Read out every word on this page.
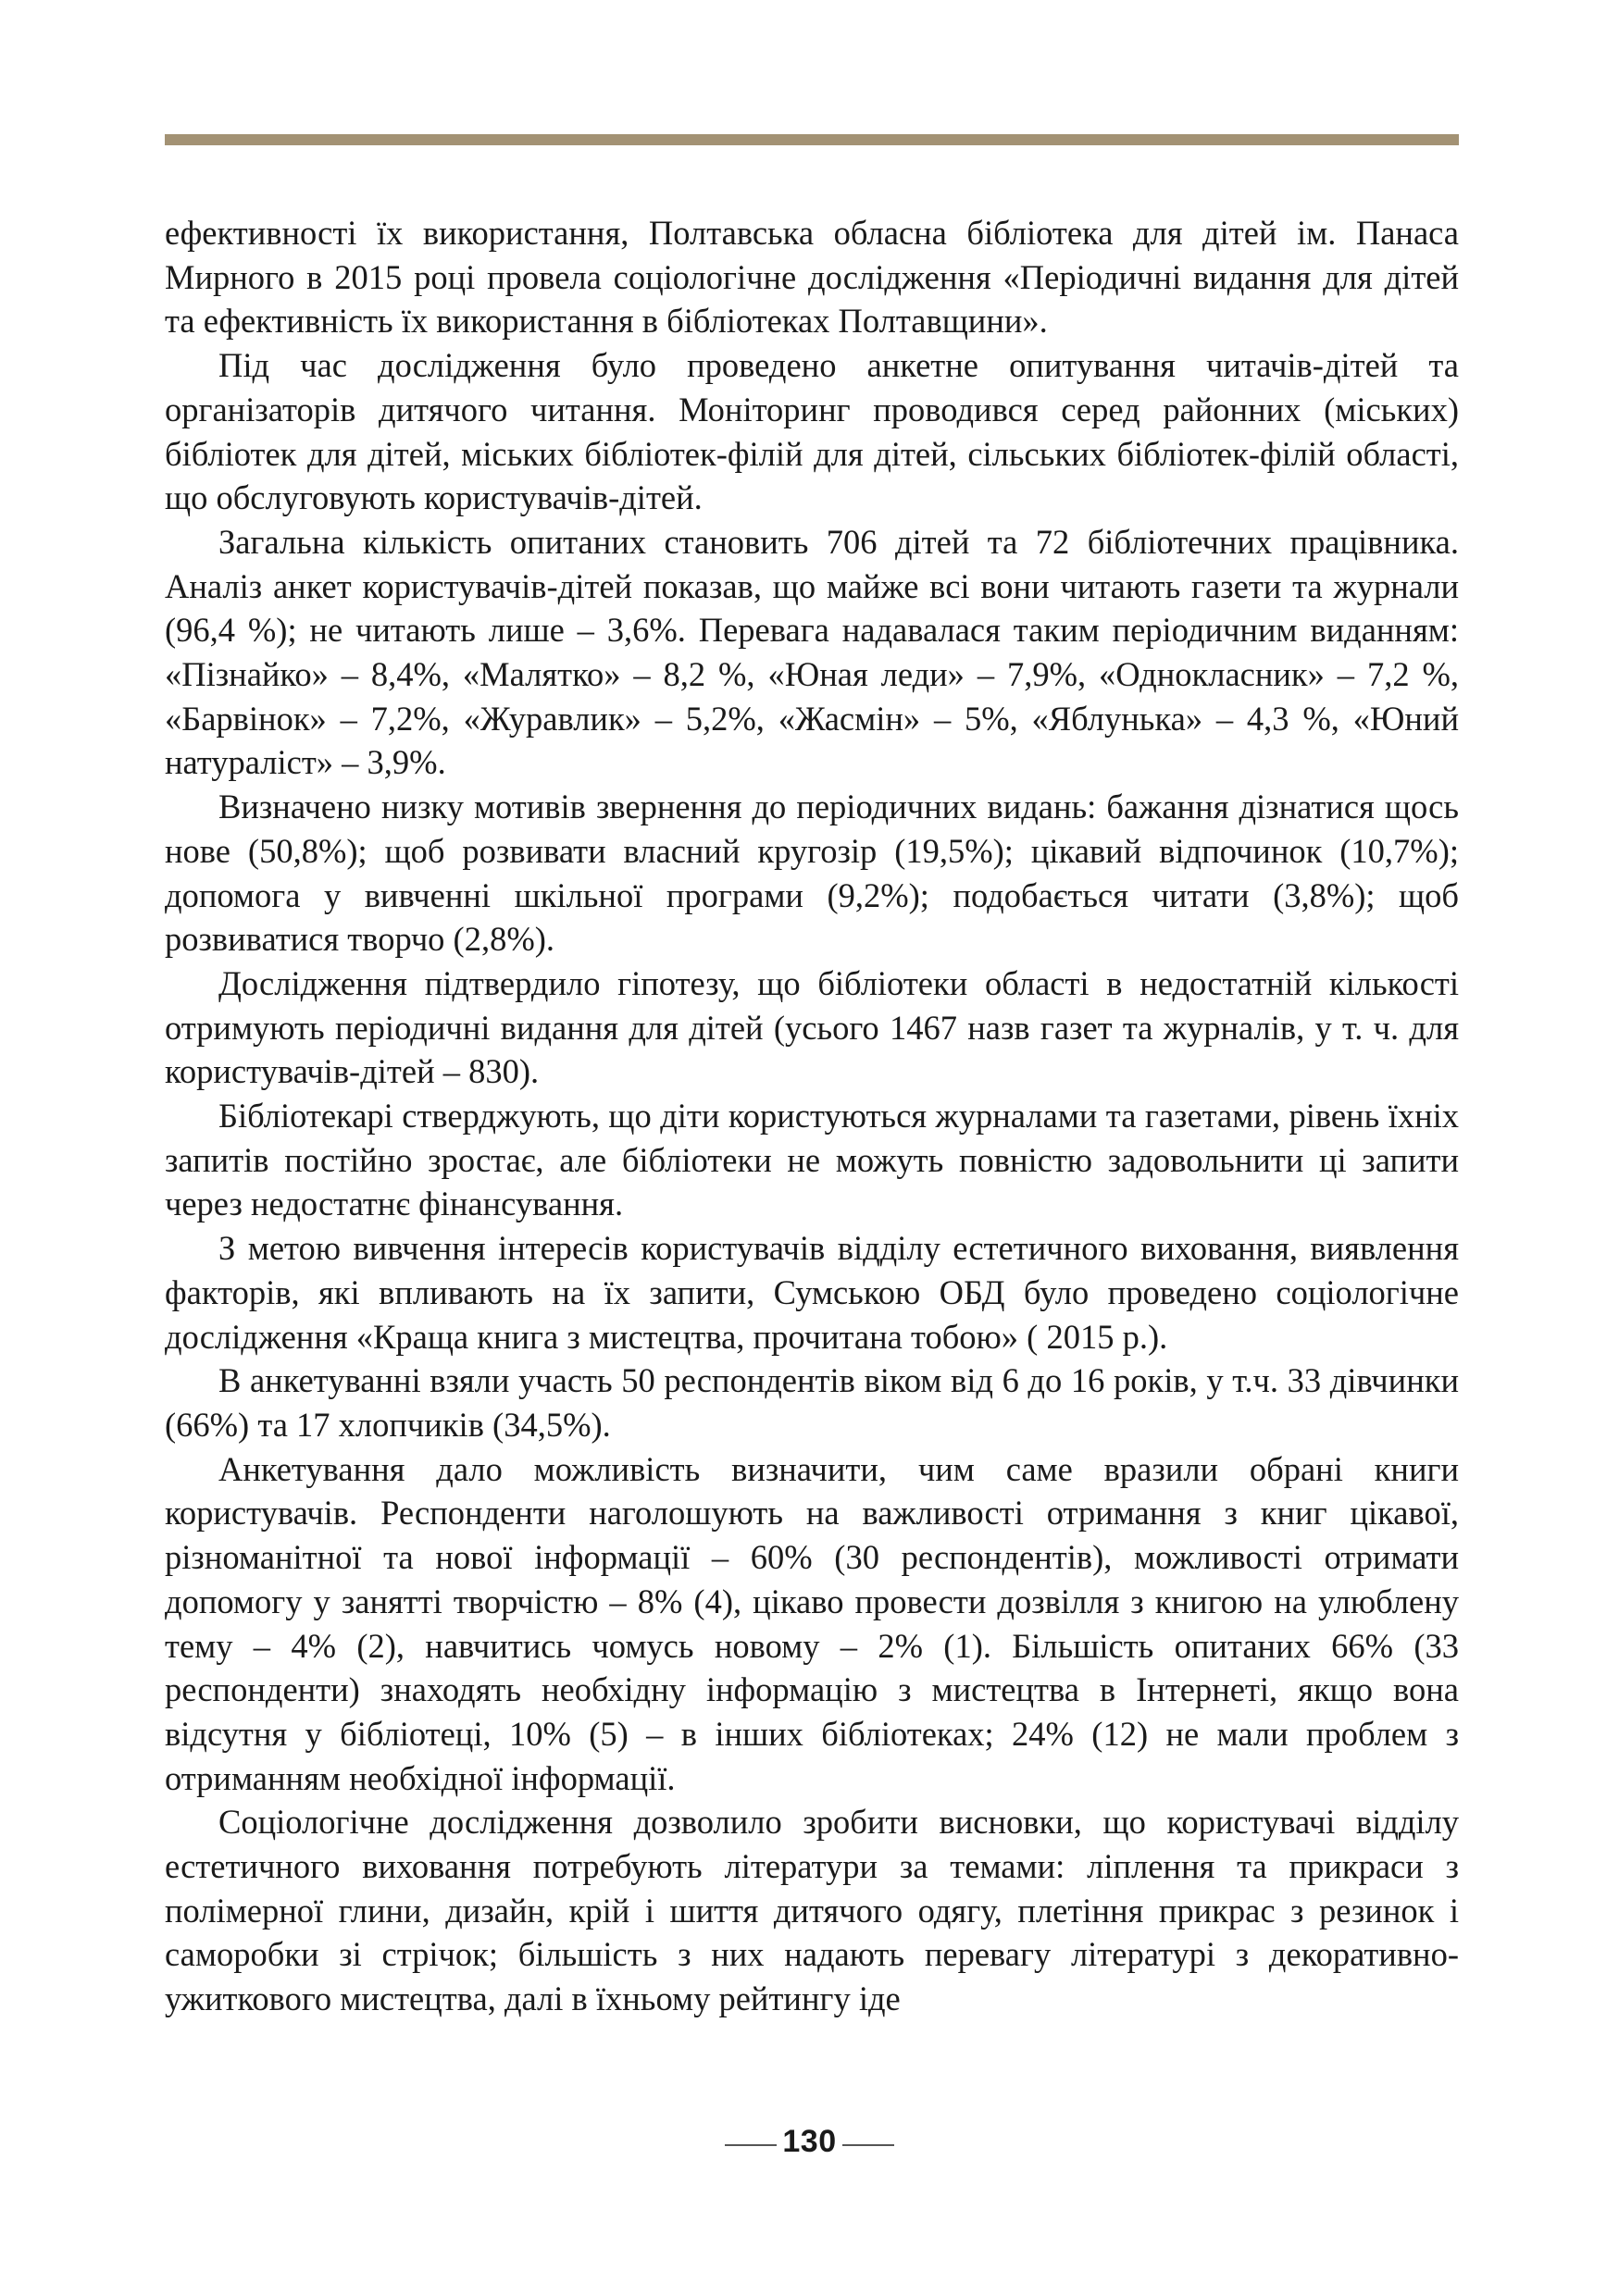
ефективності їх використання, Полтавська обласна бібліотека для дітей ім. Панаса Мирного в 2015 році провела соціологічне дослідження «Періодичні видання для дітей та ефективність їх використання в бібліотеках Полтавщини».

Під час дослідження було проведено анкетне опитування читачів-дітей та організаторів дитячого читання. Моніторинг проводився серед районних (міських) бібліотек для дітей, міських бібліотек-філій для дітей, сільських бібліотек-філій області, що обслуговують користувачів-дітей.

Загальна кількість опитаних становить 706 дітей та 72 бібліотечних працівника. Аналіз анкет користувачів-дітей показав, що майже всі вони читають газети та журнали (96,4 %); не читають лише – 3,6%. Перевага надавалася таким періодичним виданням: «Пізнайко» – 8,4%, «Малятко» – 8,2 %, «Юная леди» – 7,9%, «Однокласник» – 7,2 %, «Барвінок» – 7,2%, «Журавлик» – 5,2%, «Жасмін» – 5%, «Яблунька» – 4,3 %, «Юний натураліст» – 3,9%.

Визначено низку мотивів звернення до періодичних видань: бажання дізнатися щось нове (50,8%); щоб розвивати власний кругозір (19,5%); цікавий відпочинок (10,7%); допомога у вивченні шкільної програми (9,2%); подобається читати (3,8%); щоб розвиватися творчо (2,8%).

Дослідження підтвердило гіпотезу, що бібліотеки області в недостатній кількості отримують періодичні видання для дітей (усього 1467 назв газет та журналів, у т. ч. для користувачів-дітей – 830).

Бібліотекарі стверджують, що діти користуються журналами та газетами, рівень їхніх запитів постійно зростає, але бібліотеки не можуть повністю задовольнити ці запити через недостатнє фінансування.

З метою вивчення інтересів користувачів відділу естетичного виховання, виявлення факторів, які впливають на їх запити, Сумською ОБД було проведено соціологічне дослідження «Краща книга з мистецтва, прочитана тобою» ( 2015 р.).

В анкетуванні взяли участь 50 респондентів віком від 6 до 16 років, у т.ч. 33 дівчинки (66%) та 17 хлопчиків (34,5%).

Анкетування дало можливість визначити, чим саме вразили обрані книги користувачів. Респонденти наголошують на важливості отримання з книг цікавої, різноманітної та нової інформації – 60% (30 респондентів), можливості отримати допомогу у занятті творчістю – 8% (4), цікаво провести дозвілля з книгою на улюблену тему – 4% (2), навчитись чомусь новому – 2% (1). Більшість опитаних 66% (33 респонденти) знаходять необхідну інформацію з мистецтва в Інтернеті, якщо вона відсутня у бібліотеці, 10% (5) – в інших бібліотеках; 24% (12) не мали проблем з отриманням необхідної інформації.

Соціологічне дослідження дозволило зробити висновки, що користувачі відділу естетичного виховання потребують літератури за темами: ліплення та прикраси з полімерної глини, дизайн, крій і шиття дитячого одягу, плетіння прикрас з резинок і саморобки зі стрічок; більшість з них надають перевагу літературі з декоративно-ужиткового мистецтва, далі в їхньому рейтингу іде

130
